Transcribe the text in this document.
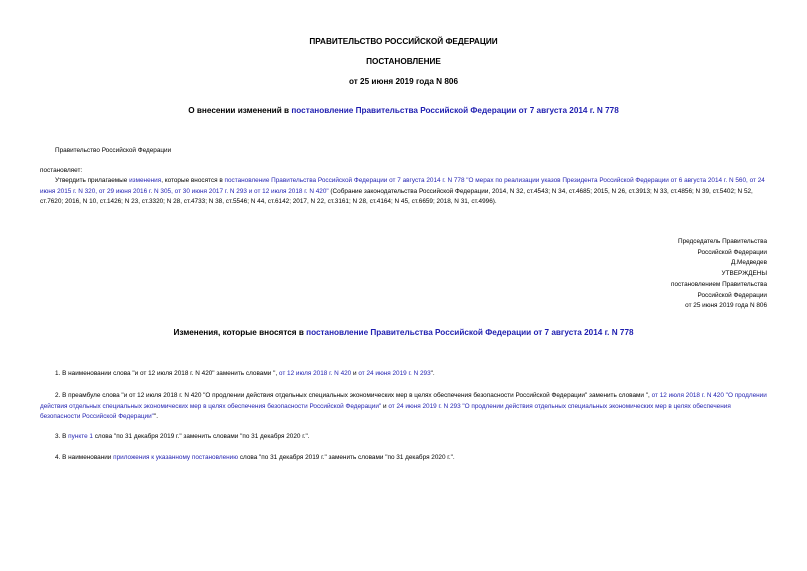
ПРАВИТЕЛЬСТВО РОССИЙСКОЙ ФЕДЕРАЦИИ
ПОСТАНОВЛЕНИЕ
от 25 июня 2019 года N 806
О внесении изменений в постановление Правительства Российской Федерации от 7 августа 2014 г. N 778
Правительство Российской Федерации
постановляет:
Утвердить прилагаемые изменения, которые вносятся в постановление Правительства Российской Федерации от 7 августа 2014 г. N 778 "О мерах по реализации указов Президента Российской Федерации от 6 августа 2014 г. N 560, от 24 июня 2015 г. N 320, от 29 июня 2016 г. N 305, от 30 июня 2017 г. N 293 и от 12 июля 2018 г. N 420" (Собрание законодательства Российской Федерации, 2014, N 32, ст.4543; N 34, ст.4685; 2015, N 26, ст.3913; N 33, ст.4856; N 39, ст.5402; N 52, ст.7620; 2016, N 10, ст.1426; N 23, ст.3320; N 28, ст.4733; N 38, ст.5546; N 44, ст.6142; 2017, N 22, ст.3161; N 28, ст.4164; N 45, ст.6659; 2018, N 31, ст.4996).
Председатель Правительства
Российской Федерации
Д.Медведев
УТВЕРЖДЕНЫ
постановлением Правительства
Российской Федерации
от 25 июня 2019 года N 806
Изменения, которые вносятся в постановление Правительства Российской Федерации от 7 августа 2014 г. N 778
1. В наименовании слова "и от 12 июля 2018 г. N 420" заменить словами ", от 12 июля 2018 г. N 420 и от 24 июня 2019 г. N 293".
2. В преамбуле слова "и от 12 июля 2018 г. N 420 "О продлении действия отдельных специальных экономических мер в целях обеспечения безопасности Российской Федерации" заменить словами ", от 12 июля 2018 г. N 420 "О продлении действия отдельных специальных экономических мер в целях обеспечения безопасности Российской Федерации" и от 24 июня 2019 г. N 293 "О продлении действия отдельных специальных экономических мер в целях обеспечения безопасности Российской Федерации"".
3. В пункте 1 слова "по 31 декабря 2019 г." заменить словами "по 31 декабря 2020 г.".
4. В наименовании приложения к указанному постановлению слова "по 31 декабря 2019 г." заменить словами "по 31 декабря 2020 г.".
